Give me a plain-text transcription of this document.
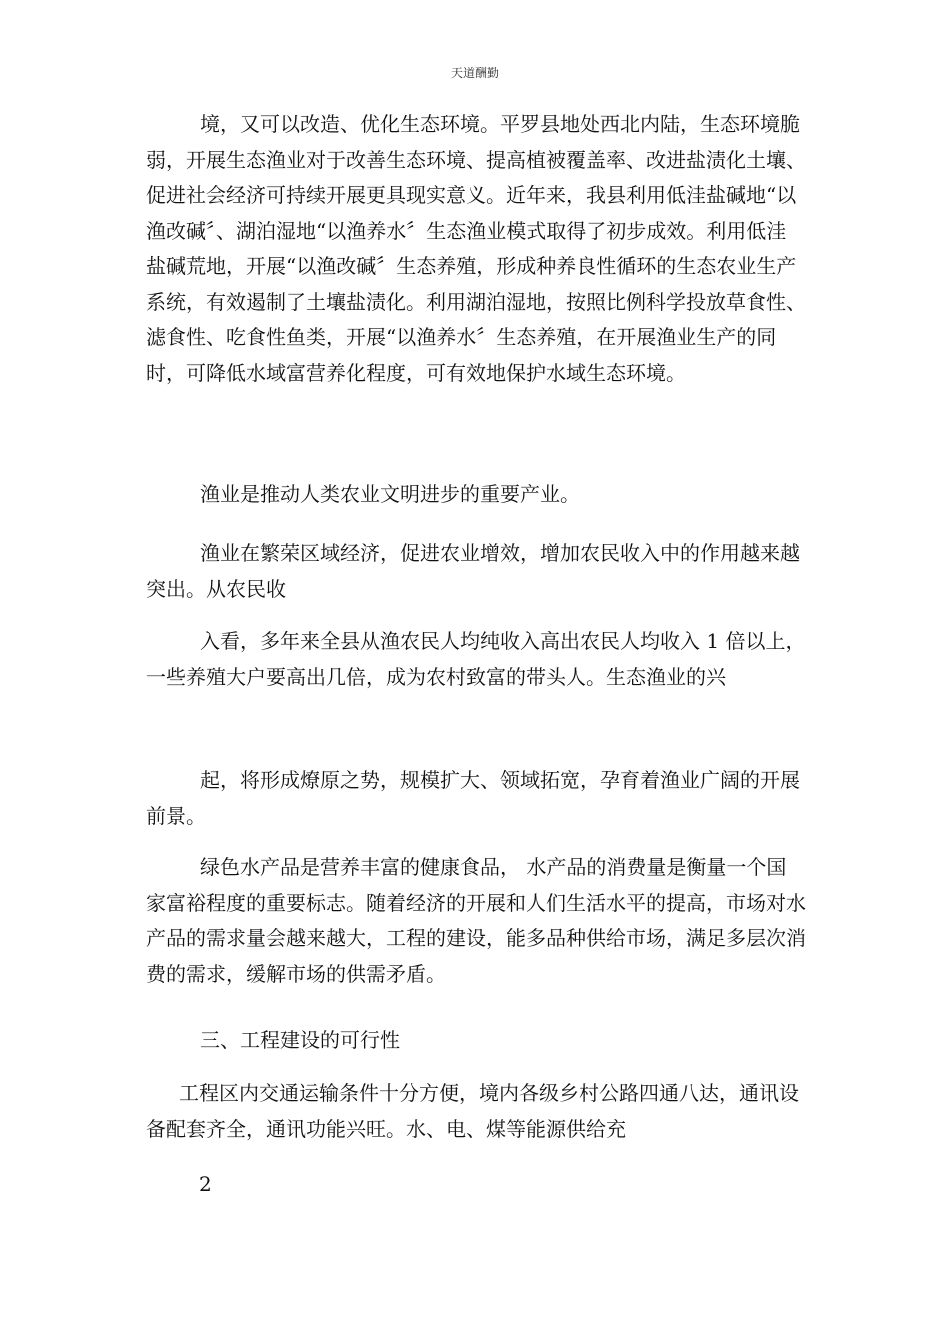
天道酬勤

境，又可以改造、优化生态环境。平罗县地处西北内陆，生态环境脆弱，开展生态渔业对于改善生态环境、提高植被覆盖率、改进盐渍化土壤、促进社会经济可持续开展更具现实意义。近年来，我县利用低洼盐碱地“以渔改碱〞、湖泊湿地“以渔养水〞生态渔业模式取得了初步成效。利用低洼盐碱荒地，开展“以渔改碱〞生态养殖，形成种养良性循环的生态农业生产系统，有效遏制了土壤盐渍化。利用湖泊湿地，按照比例科学投放草食性、滤食性、吃食性鱼类，开展“以渔养水〞生态养殖，在开展渔业生产的同时，可降低水域富营养化程度，可有效地保护水域生态环境。

渔业是推动人类农业文明进步的重要产业。

渔业在繁荣区域经济，促进农业增效，增加农民收入中的作用越来越突出。从农民收

入看，多年来全县从渔农民人均纯收入高出农民人均收入 1 倍以上，一些养殖大户要高出几倍，成为农村致富的带头人。生态渔业的兴

起，将形成燎原之势，规模扩大、领域拓宽，孕育着渔业广阔的开展前景。

绿色水产品是营养丰富的健康食品， 水产品的消费量是衡量一个国家富裕程度的重要标志。随着经济的开展和人们生活水平的提高，市场对水产品的需求量会越来越大，工程的建设，能多品种供给市场，满足多层次消费的需求，缓解市场的供需矛盾。

三、工程建设的可行性

工程区内交通运输条件十分方便，境内各级乡村公路四通八达，通讯设备配套齐全，通讯功能兴旺。水、电、煤等能源供给充

2
